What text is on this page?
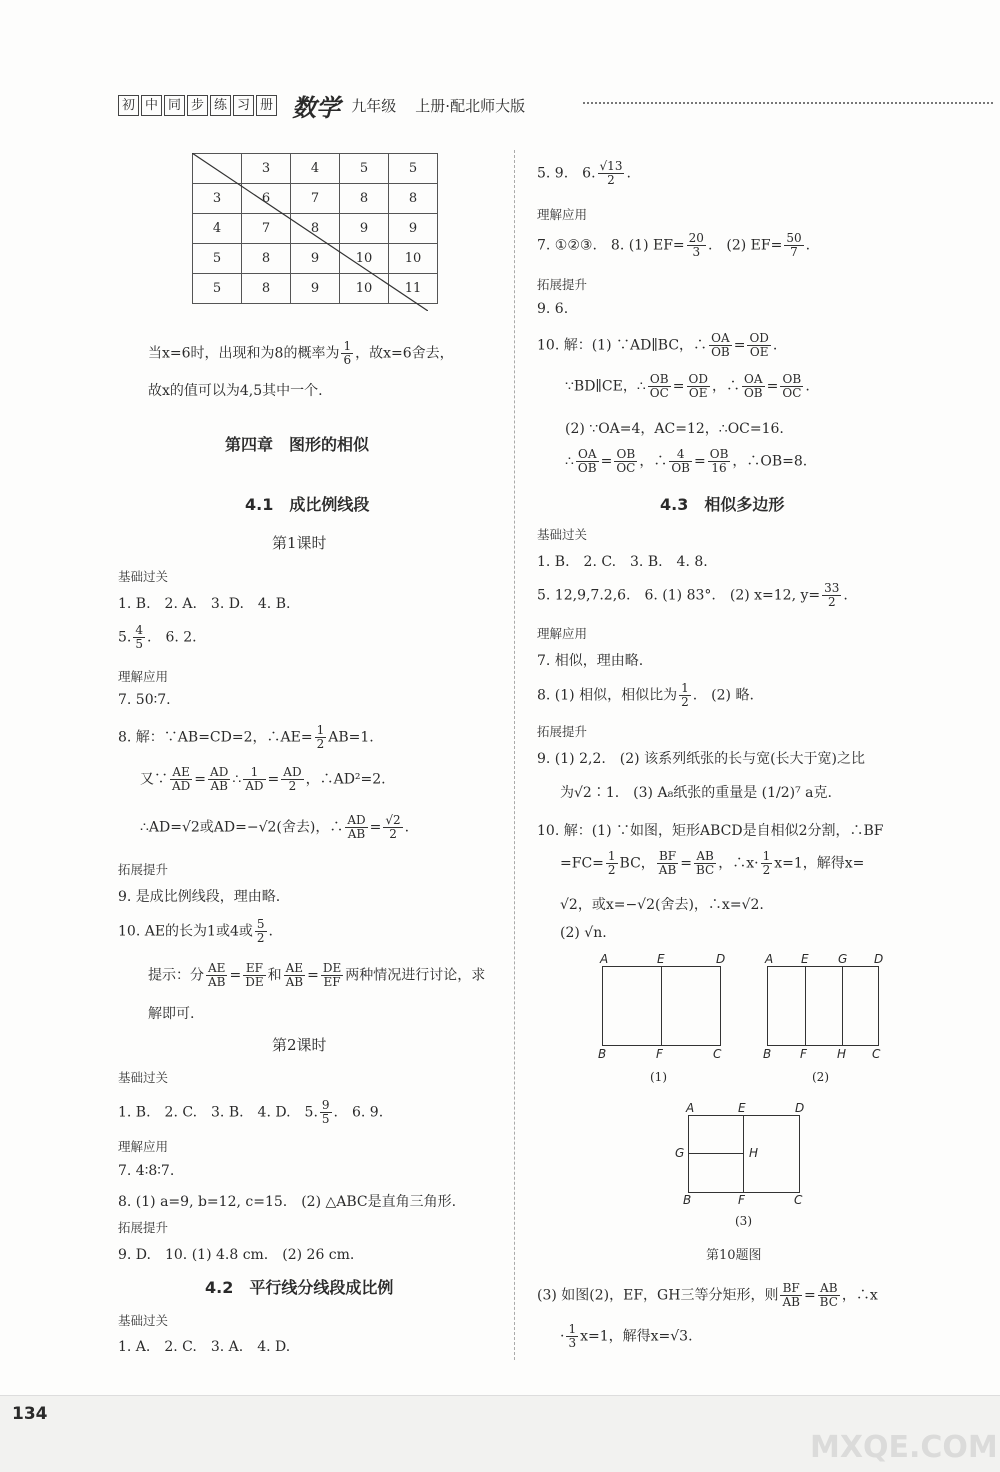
初 中 同 步 练 习 册 数学 九年级 上册·配北师大版
	3	4	5	5
3	6	7	8	8
4	7	8	9	9
5	8	9	10	10
5	8	9	10	11
当x=6时，出现和为8的概率为 $\frac{1}{6}$ ，故x=6舍去，
故x的值可以为4,5其中一个.
第四章　图形的相似
4.1　成比例线段
第1课时
基础过关
1. B.　2. A.　3. D.　4. B.
5. $\frac{4}{5}$ .　6. 2.
理解应用
7. 50∶7.
8. 解：∵AB=CD=2，∴AE= $\frac{1}{2} AB=1$.
又∵ $\frac{AE}{AD} = \frac{AD}{AB}$ ∴ $\frac{1}{AD} = \frac{AD}{2}$ ，∴AD²=2.
∴AD=√2或AD=−√2(舍去)，∴ $\frac{AD}{AB} = \frac{√2}{2}$ .
拓展提升
9. 是成比例线段，理由略.
10. AE的长为1或4或 $\frac{5}{2}$ .
提示：分 $\frac{AE}{AB} = \frac{EF}{DE}$ 和 $\frac{AE}{AB} = \frac{DE}{EF}$ 两种情况进行讨论，求
解即可.
第2课时
基础过关
1. B.　2. C.　3. B.　4. D.　5. $\frac{9}{5}$ .　6. 9.
理解应用
7. 4∶8∶7.
8. (1) a=9, b=12, c=15.　(2) △ABC是直角三角形.
拓展提升
9. D.　10. (1) 4.8 cm.　(2) 26 cm.
4.2　平行线分线段成比例
基础过关
1. A.　2. C.　3. A.　4. D.
5. 9.　6. $\frac{√13}{2}$ .
理解应用
7. ①②③.　8. (1) $EF= \frac{20}{3}$ .　(2) $EF= \frac{50}{7}$ .
拓展提升
9. 6.
10. 解：(1) ∵AD∥BC，∴ $\frac{OA}{OB} = \frac{OD}{OE}$ .
∵BD∥CE，∴ $\frac{OB}{OC} = \frac{OD}{OE}$ ，∴ $\frac{OA}{OB} = \frac{OB}{OC}$ .
(2) ∵OA=4，AC=12，∴OC=16.
∴ $\frac{OA}{OB} = \frac{OB}{OC}$ ，∴ $\frac{4}{OB} = \frac{OB}{16}$ ，∴OB=8.
4.3　相似多边形
基础过关
1. B.　2. C.　3. B.　4. 8.
5. 12,9,7.2,6.　6. (1) 83°.　(2) x=12, $y= \frac{33}{2}$ .
理解应用
7. 相似，理由略.
8. (1) 相似，相似比为 $\frac{1}{2}$ .　(2) 略.
拓展提升
9. (1) 2,2.　(2) 该系列纸张的长与宽(长大于宽)之比
为√2∶1.　(3) A₈纸张的重量是 (1/2)⁷ a克.
10. 解：(1) ∵如图，矩形ABCD是自相似2分割，∴BF
$=FC= \frac{1}{2}$ BC， $\frac{BF}{AB} = \frac{AB}{BC}$ ，∴x· $\frac{1}{2} x=1$，解得x=
√2，或x=−√2(舍去)，∴x=√2.
(2) √n.
A	E	D
B	F	C
(1)
A E G D
B F	H C
(2)
A	E	D
G	H
B	F	C
(3)
第10题图
(3) 如图(2)，EF，GH三等分矩形，则 $\frac{BF}{AB} = \frac{AB}{BC}$ ，∴x
· $\frac{1}{3} x=1$，解得x=√3.
134
MXQE.COM
